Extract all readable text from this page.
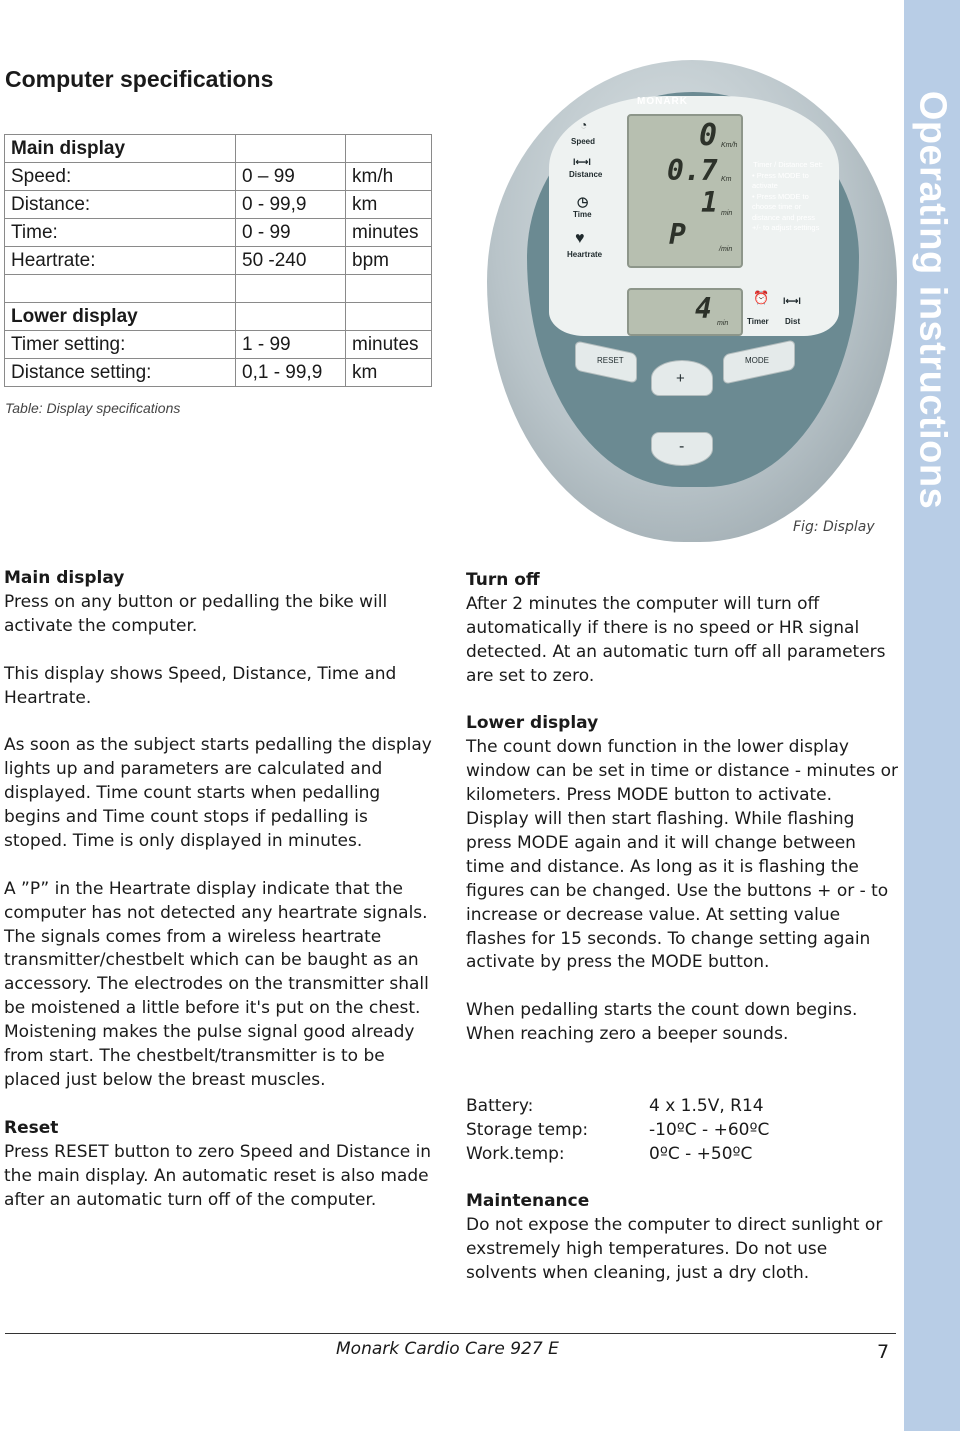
Operating instructions
Computer specifications
Main display		
Speed:	0 – 99	km/h
Distance:	0 - 99,9	km
Time:	0 - 99	minutes
Heartrate:	50 -240	bpm

Lower display		
Timer setting:	1 - 99	minutes
Distance setting:	0,1 - 99,9	km
Table: Display specifications
MONARK
Speed
Distance
Time
Heartrate
◔
I⟷I
◷
♥
0 Km/h
0.7 Km
1 min
P	/min
4 min
⏰
Timer
I⟷I
Dist
Timer / Distance Set:
• Press MODE to activate
• Press MODE to choose time or distance and press +/- to adjust settings
RESET
+
MODE
-
Fig: Display
Main display

Press on any button or pedalling the bike will activate the computer.

This display shows Speed, Distance, Time and Heartrate.

As soon as the subject starts pedalling the display lights up and parameters are calculated and displayed. Time count starts when pedalling begins and Time count stops if pedalling is stoped. Time is only displayed in minutes.

A ”P” in the Heartrate display indicate that the computer has not detected any heartrate signals. The signals comes from a wireless heartrate transmitter/chestbelt which can be baught as an accessory. The electrodes on the transmitter shall be moistened a little before it's put on the chest. Moistening makes the pulse signal good already from start. The chestbelt/transmitter is to be placed just below the breast muscles.

Reset

Press RESET button to zero Speed and Distance in the main display. An automatic reset is also made after an automatic turn off of the computer.

Turn off

After 2 minutes the computer will turn off automatically if there is no speed or HR signal detected. At an automatic turn off all parameters are set to zero.

Lower display

The count down function in the lower display window can be set in time or distance - minutes or kilometers. Press MODE button to activate. Display will then start flashing. While flashing press MODE again and it will change between time and distance. As long as it is flashing the figures can be changed. Use the buttons + or - to increase or decrease value. At setting value flashes for 15 seconds. To change setting again activate by press the MODE button.

When pedalling starts the count down begins. When reaching zero a beeper sounds.

Battery:	4 x 1.5V, R14
Storage temp:	-10ºC - +60ºC
Work.temp:	0ºC - +50ºC
Maintenance

Do not expose the computer to direct sunlight or exstremely high temperatures. Do not use solvents when cleaning, just a dry cloth.

Monark Cardio Care 927 E	7
